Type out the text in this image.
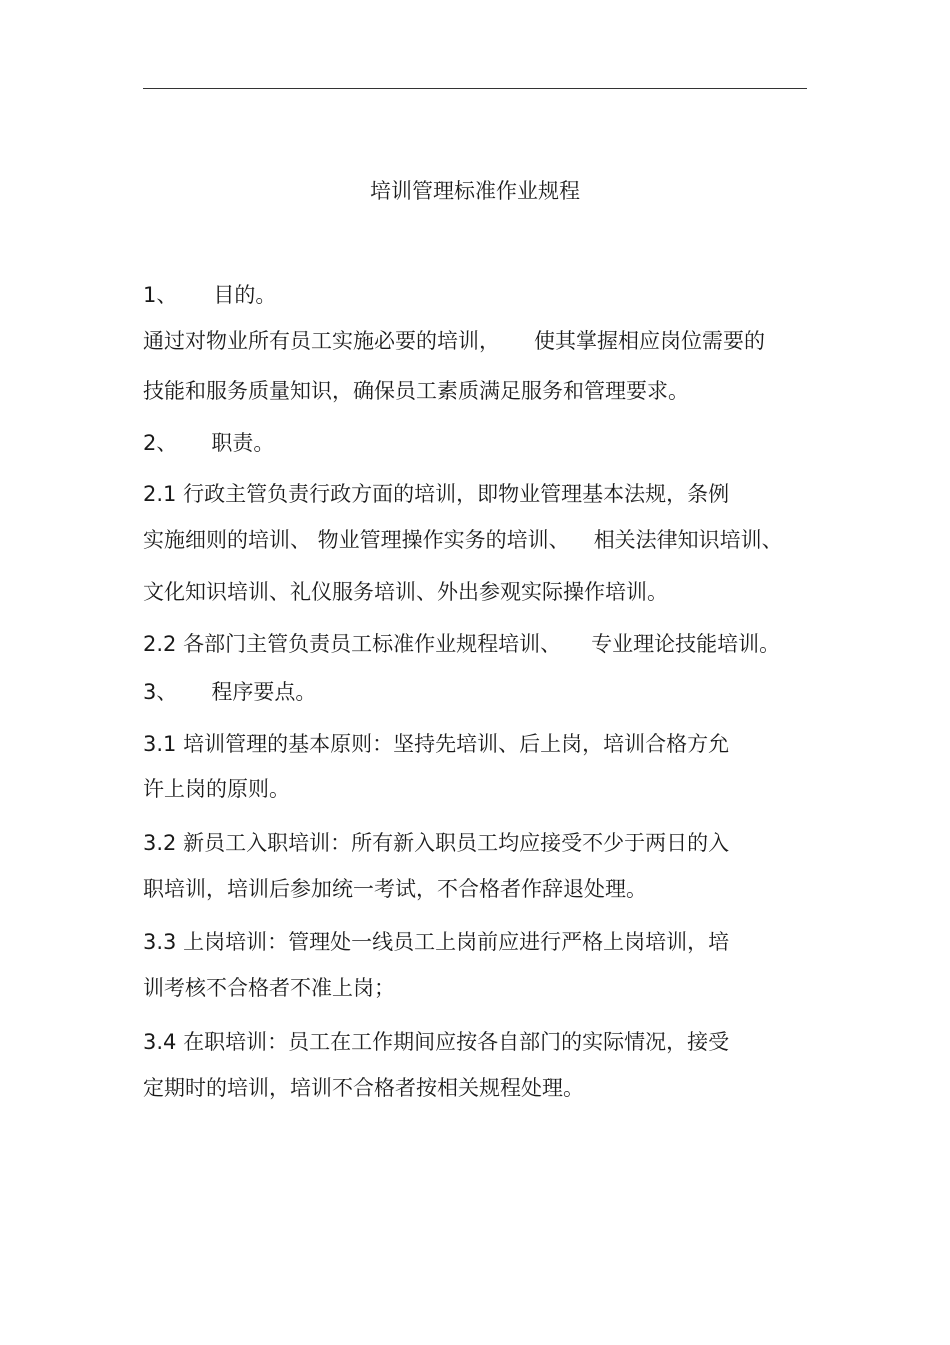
培训管理标准作业规程
1、 目的。
通过对物业所有员工实施必要的培训， 使其掌握相应岗位需要的
技能和服务质量知识，确保员工素质满足服务和管理要求。
2、 职责。
2.1 行政主管负责行政方面的培训，即物业管理基本法规，条例
实施细则的培训、 物业管理操作实务的培训、 相关法律知识培训、
文化知识培训、礼仪服务培训、外出参观实际操作培训。
2.2 各部门主管负责员工标准作业规程培训、 专业理论技能培训。
3、 程序要点。
3.1 培训管理的基本原则：坚持先培训、后上岗，培训合格方允
许上岗的原则。
3.2 新员工入职培训：所有新入职员工均应接受不少于两日的入
职培训，培训后参加统一考试，不合格者作辞退处理。
3.3 上岗培训：管理处一线员工上岗前应进行严格上岗培训，培
训考核不合格者不准上岗；
3.4 在职培训：员工在工作期间应按各自部门的实际情况，接受
定期时的培训，培训不合格者按相关规程处理。
